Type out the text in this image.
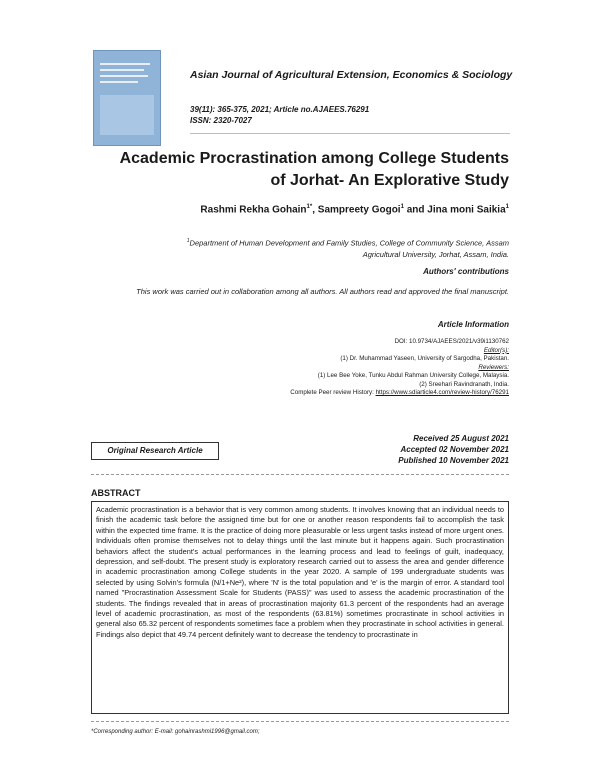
Asian Journal of Agricultural Extension, Economics & Sociology
39(11): 365-375, 2021; Article no.AJAEES.76291
ISSN: 2320-7027
Academic Procrastination among College Students
of Jorhat- An Explorative Study
Rashmi Rekha Gohain$^{1*}$, Sampreety Gogoi$^1$ and Jina moni Saikia$^1$
$^1$Department of Human Development and Family Studies, College of Community Science, Assam Agricultural University, Jorhat, Assam, India.
Authors' contributions
This work was carried out in collaboration among all authors. All authors read and approved the final manuscript.
Article Information
DOI: 10.9734/AJAEES/2021/v39i1130762
Editor(s):
(1) Dr. Muhammad Yaseen, University of Sargodha, Pakistan.
Reviewers:
(1) Lee Bee Yoke, Tunku Abdul Rahman University College, Malaysia.
(2) Sreehari Ravindranath, India.
Complete Peer review History: https://www.sdiarticle4.com/review-history/76291
Original Research Article
Received 25 August 2021
Accepted 02 November 2021
Published 10 November 2021
ABSTRACT

Academic procrastination is a behavior that is very common among students. It involves knowing that an individual needs to finish the academic task before the assigned time but for one or another reason respondents fail to accomplish the task within the expected time frame. It is the practice of doing more pleasurable or less urgent tasks instead of more urgent ones. Individuals often promise themselves not to delay things until the last minute but it happens again. Such procrastination behaviors affect the student's actual performances in the learning process and lead to feelings of guilt, inadequacy, depression, and self-doubt. The present study is exploratory research carried out to assess the area and gender difference in academic procrastination among College students in the year 2020. A sample of 199 undergraduate students was selected by using Solvin's formula (N/1+Ne²), where 'N' is the total population and 'e' is the margin of error. A standard tool named "Procrastination Assessment Scale for Students (PASS)" was used to assess the academic procrastination of the students. The findings revealed that in areas of procrastination majority 61.3 percent of the respondents had an average level of academic procrastination, as most of the respondents (63.81%) sometimes procrastinate in school activities in general also 65.32 percent of respondents sometimes face a problem when they procrastinate in school activities in general. Findings also depict that 49.74 percent definitely want to decrease the tendency to procrastinate in

*Corresponding author: E-mail: gohainrashmi1996@gmail.com;
